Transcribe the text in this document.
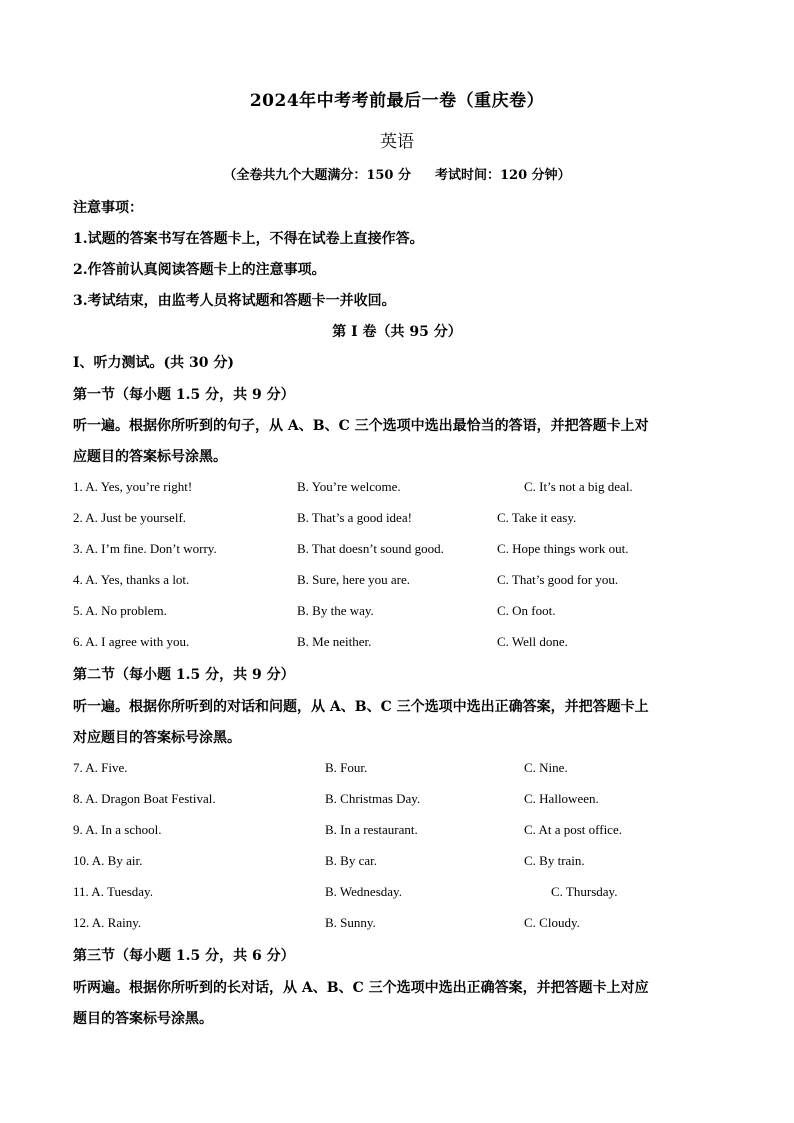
2024年中考考前最后一卷（重庆卷）
英语
（全卷共九个大题满分：150 分 考试时间：120 分钟）
注意事项：
1.试题的答案书写在答题卡上，不得在试卷上直接作答。
2.作答前认真阅读答题卡上的注意事项。
3.考试结束，由监考人员将试题和答题卡一并收回。
第 I 卷（共 95 分）
Ⅰ、听力测试。(共 30 分)
第一节（每小题 1.5 分，共 9 分）
听一遍。根据你所听到的句子，从 A、B、C 三个选项中选出最恰当的答语，并把答题卡上对
应题目的答案标号涂黑。
1. A. Yes, you’re right!	B. You’re welcome.	C. It’s not a big deal.
2. A. Just be yourself.	B. That’s a good idea!	C. Take it easy.
3. A. I’m fine. Don’t worry.	B. That doesn’t sound good.	C. Hope things work out.
4. A. Yes, thanks a lot.	B. Sure, here you are.	C. That’s good for you.
5. A. No problem.	B. By the way.	C. On foot.
6. A. I agree with you.	B. Me neither.	C. Well done.
第二节（每小题 1.5 分，共 9 分）
听一遍。根据你所听到的对话和问题，从 A、B、C 三个选项中选出正确答案，并把答题卡上
对应题目的答案标号涂黑。
7. A. Five.	B. Four.	C. Nine.
8. A. Dragon Boat Festival.	B. Christmas Day.	C. Halloween.
9. A. In a school.	B. In a restaurant.	C. At a post office.
10. A. By air.	B. By car.	C. By train.
11. A. Tuesday.	B. Wednesday.	C. Thursday.
12. A. Rainy.	B. Sunny.	C. Cloudy.
第三节（每小题 1.5 分，共 6 分）
听两遍。根据你所听到的长对话，从 A、B、C 三个选项中选出正确答案，并把答题卡上对应
题目的答案标号涂黑。
